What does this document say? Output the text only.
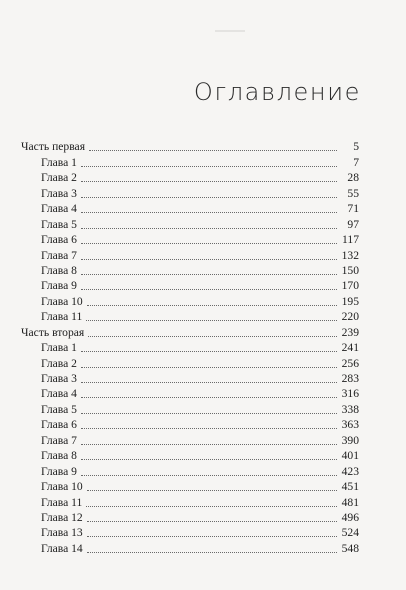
Оглавление
Часть первая	5
Глава 1	7
Глава 2	28
Глава 3	55
Глава 4	71
Глава 5	97
Глава 6	117
Глава 7	132
Глава 8	150
Глава 9	170
Глава 10	195
Глава 11	220
Часть вторая	239
Глава 1	241
Глава 2	256
Глава 3	283
Глава 4	316
Глава 5	338
Глава 6	363
Глава 7	390
Глава 8	401
Глава 9	423
Глава 10	451
Глава 11	481
Глава 12	496
Глава 13	524
Глава 14	548
